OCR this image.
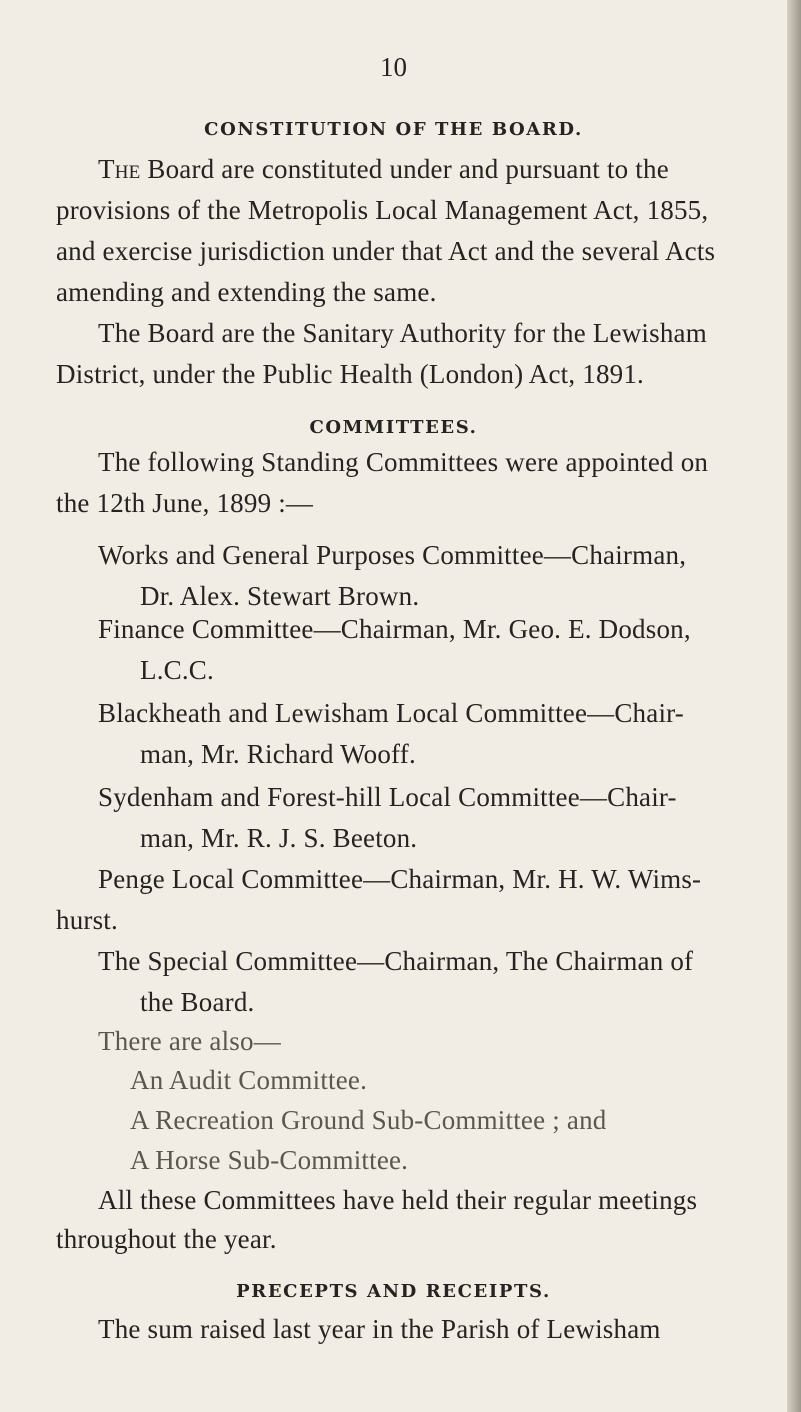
10
CONSTITUTION OF THE BOARD.
The Board are constituted under and pursuant to the
provisions of the Metropolis Local Management Act, 1855,
and exercise jurisdiction under that Act and the several Acts
amending and extending the same.
The Board are the Sanitary Authority for the Lewisham
District, under the Public Health (London) Act, 1891.
COMMITTEES.
The following Standing Committees were appointed on
the 12th June, 1899 :—
Works and General Purposes Committee—Chairman,
Dr. Alex. Stewart Brown.
Finance Committee—Chairman, Mr. Geo. E. Dodson,
L.C.C.
Blackheath and Lewisham Local Committee—Chair-
man, Mr. Richard Wooff.
Sydenham and Forest-hill Local Committee—Chair-
man, Mr. R. J. S. Beeton.
Penge Local Committee—Chairman, Mr. H. W. Wims-
hurst.
The Special Committee—Chairman, The Chairman of
the Board.
There are also—
An Audit Committee.
A Recreation Ground Sub-Committee ; and
A Horse Sub-Committee.
All these Committees have held their regular meetings
throughout the year.
PRECEPTS AND RECEIPTS.
The sum raised last year in the Parish of Lewisham
